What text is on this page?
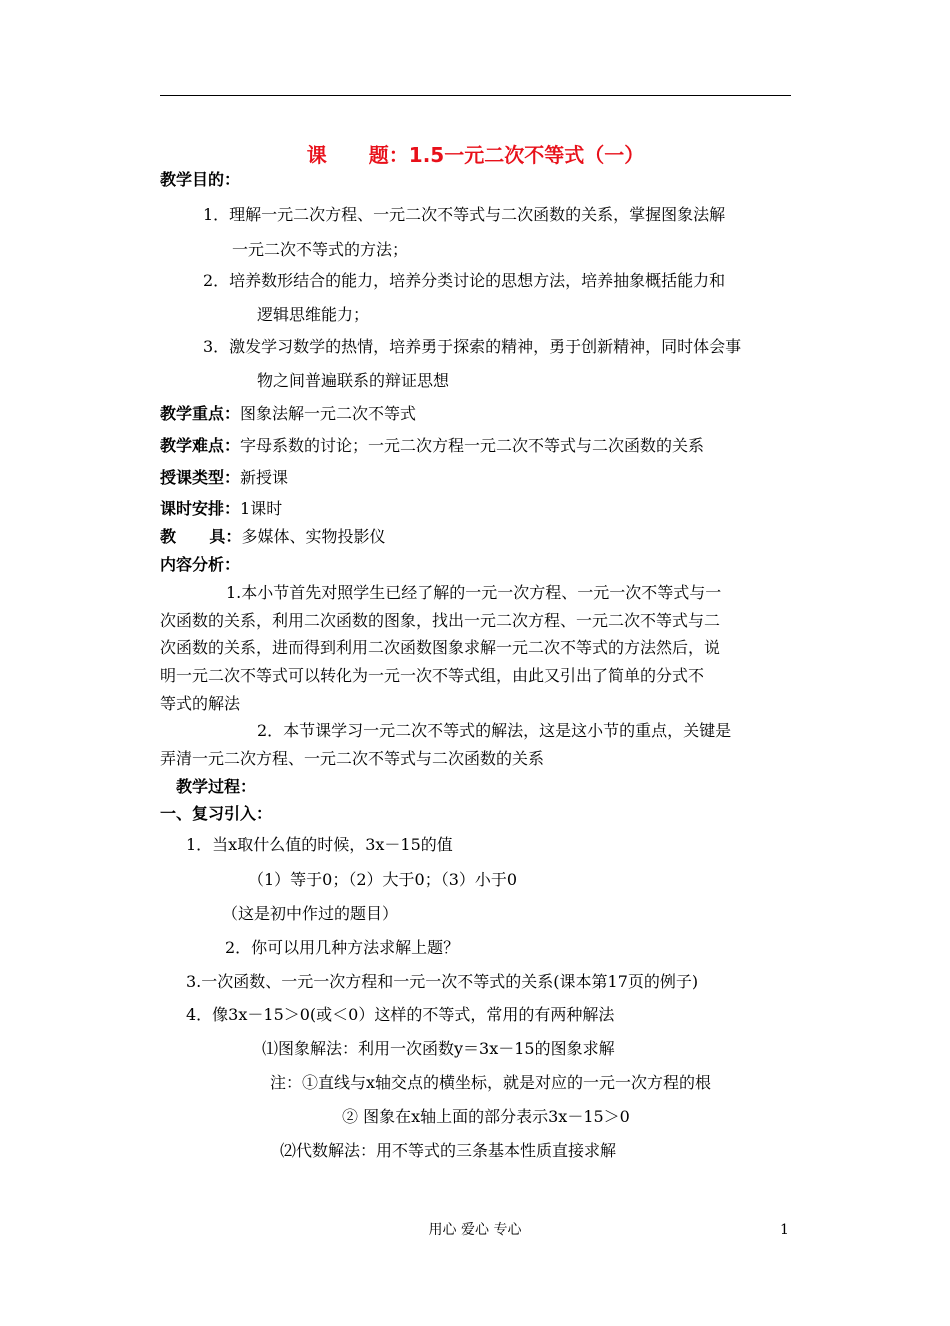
课 题：1.5一元二次不等式（一）
教学目的：
1．理解一元二次方程、一元二次不等式与二次函数的关系，掌握图象法解
一元二次不等式的方法；
2．培养数形结合的能力，培养分类讨论的思想方法，培养抽象概括能力和
逻辑思维能力；
3．激发学习数学的热情，培养勇于探索的精神，勇于创新精神，同时体会事
物之间普遍联系的辩证思想
教学重点：图象法解一元二次不等式
教学难点：字母系数的讨论；一元二次方程一元二次不等式与二次函数的关系
授课类型：新授课
课时安排：1课时
教      具：多媒体、实物投影仪
内容分析：
1.本小节首先对照学生已经了解的一元一次方程、一元一次不等式与一
次函数的关系，利用二次函数的图象，找出一元二次方程、一元二次不等式与二
次函数的关系，进而得到利用二次函数图象求解一元二次不等式的方法然后，说
明一元二次不等式可以转化为一元一次不等式组，由此又引出了简单的分式不
等式的解法
2．本节课学习一元二次不等式的解法，这是这小节的重点，关键是
弄清一元二次方程、一元二次不等式与二次函数的关系
教学过程：
一、复习引入：
1．当x取什么值的时候，3x－15的值
（1）等于0；（2）大于0；（3）小于0
（这是初中作过的题目）
2．你可以用几种方法求解上题？
3.一次函数、一元一次方程和一元一次不等式的关系(课本第17页的例子)
4．像3x－15＞0(或＜0）这样的不等式，常用的有两种解法
⑴图象解法：利用一次函数y＝3x－15的图象求解
注：①直线与x轴交点的横坐标，就是对应的一元一次方程的根
② 图象在x轴上面的部分表示3x－15＞0
⑵代数解法：用不等式的三条基本性质直接求解
用心 爱心 专心	1
